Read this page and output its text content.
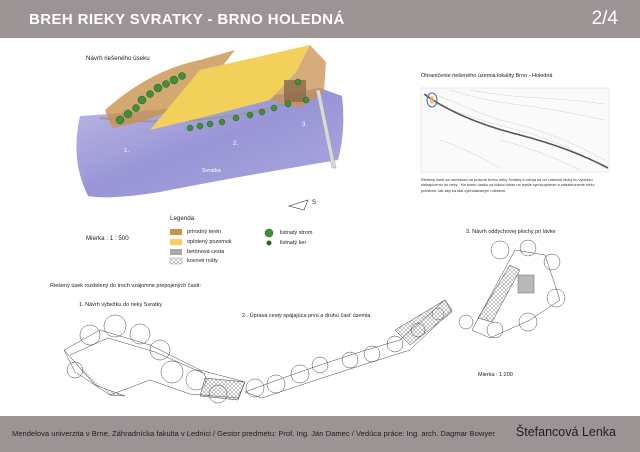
BREH RIEKY SVRATKY - BRNO HOLEDNÁ	2/4
Návrh riešeného úseku
1.
2.
3.
Svratka
S
Mierka : 1 : 500
Legenda:
prírodný terén
oplotený pozemok
betónová cesta
kovové rošty
listnatý strom
listnatý ker
Ohraničenie riešeného územia lokality Brno - Holedná
Riešený úsek sa nachádza na pravom brehu rieky Svratky a odvíja sa od Leteckej lávky ku výbežku siahajúcemu do rieky . Na tomto úseku sa kládol dôraz na lepšie sprístupnenie a zatraktívnenie tohto priestoru, tak aby sa stal vyhľadávaným miestom.
Riešený úsek rozdelený do troch vzájomne prepojených častí:
1. Návrh výbežku do rieky Svratky
2 . Úprava cesty spájajúca prvú a druhú časť územia
3. Návrh oddychovej plochy pri lávke
Mierka : 1:200
Mendelova univerzita v Brne, Záhradnícka fakulta v Lednici / Gestor predmetu: Prof. Ing. Ján Damec / Vedúca práce: Ing. arch. Dagmar Bowyer Štefancová Lenka
